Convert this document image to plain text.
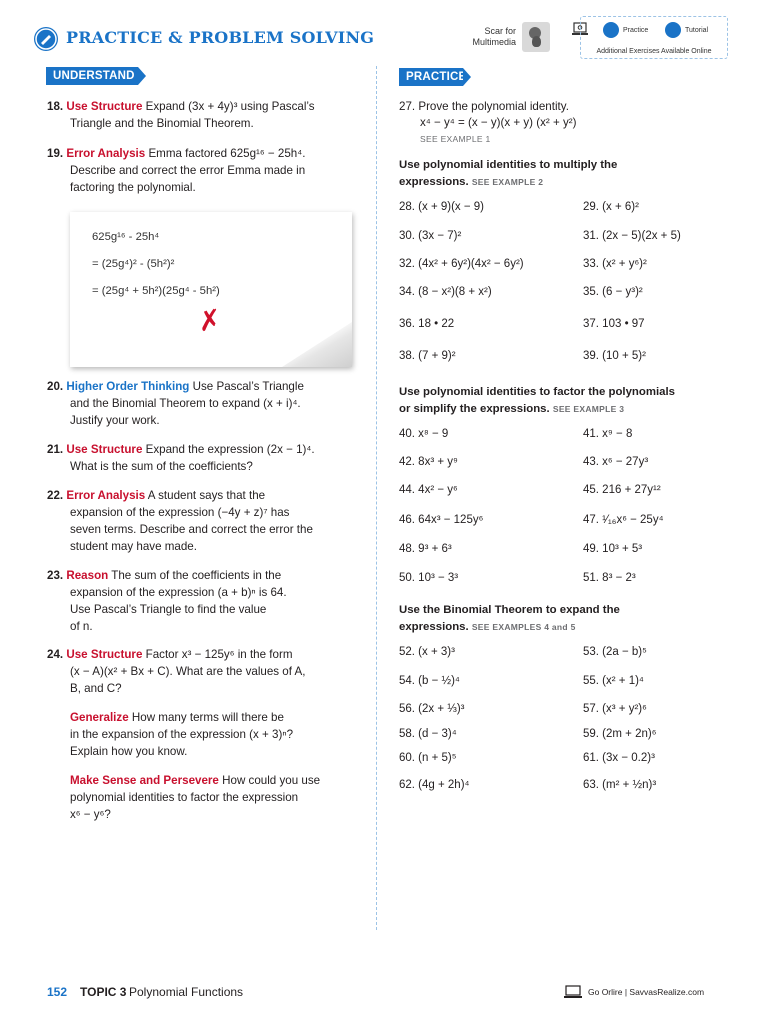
PRACTICE & PROBLEM SOLVING	Scar for
Multimedia
Practice	Tutorial
Additional Exercises Available Online
UNDERSTAND
18. Use Structure Expand (3x + 4y)³ using Pascal’s
Triangle and the Binomial Theorem.
19. Error Analysis Emma factored 625g¹⁶ − 25h⁴.
Describe and correct the error Emma made in
factoring the polynomial.
625g¹⁶ - 25h⁴
= (25g⁴)² - (5h²)²
= (25g⁴ + 5h²)(25g⁴ - 5h²)
✗
20. Higher Order Thinking Use Pascal’s Triangle
and the Binomial Theorem to expand (x + i)⁴.
Justify your work.
21. Use Structure Expand the expression (2x − 1)⁴.
What is the sum of the coefficients?
22. Error Analysis A student says that the
expansion of the expression (−4y + z)⁷ has
seven terms. Describe and correct the error the
student may have made.
23. Reason The sum of the coefficients in the
expansion of the expression (a + b)ⁿ is 64.
Use Pascal’s Triangle to find the value
of n.
24. Use Structure Factor x³ − 125y⁶ in the form
(x − A)(x² + Bx + C). What are the values of A,
B, and C?
Generalize How many terms will there be
in the expansion of the expression (x + 3)ⁿ?
Explain how you know.
Make Sense and Persevere How could you use
polynomial identities to factor the expression
x⁶ − y⁶?
PRACTICE
27. Prove the polynomial identity.
x⁴ − y⁴ = (x − y)(x + y) (x² + y²)
SEE EXAMPLE 1
Use polynomial identities to multiply the
expressions. SEE EXAMPLE 2
28. (x + 9)(x − 9)	29. (x + 6)²
30. (3x − 7)²	31. (2x − 5)(2x + 5)
32. (4x² + 6y²)(4x² − 6y²)	33. (x² + y⁶)²
34. (8 − x²)(8 + x²)	35. (6 − y³)²
36. 18 • 22	37. 103 • 97
38. (7 + 9)²	39. (10 + 5)²
Use polynomial identities to factor the polynomials
or simplify the expressions. SEE EXAMPLE 3
40. x⁸ − 9	41. x⁹ − 8
42. 8x³ + y⁹	43. x⁶ − 27y³
44. 4x² − y⁶	45. 216 + 27y¹²
46. 64x³ − 125y⁶	47. ¹⁄₁₆x⁶ − 25y⁴
48. 9³ + 6³	49. 10³ + 5³
50. 10³ − 3³	51. 8³ − 2³
Use the Binomial Theorem to expand the
expressions. SEE EXAMPLES 4 and 5
52. (x + 3)³	53. (2a − b)⁵
54. (b − ½)⁴	55. (x² + 1)⁴
56. (2x + ⅓)³	57. (x³ + y²)⁶
58. (d − 3)⁴	59. (2m + 2n)⁶
60. (n + 5)⁵	61. (3x − 0.2)³
62. (4g + 2h)⁴	63. (m² + ½n)³
152 TOPIC 3 Polynomial Functions	Go Orlire | SavvasRealize.com
